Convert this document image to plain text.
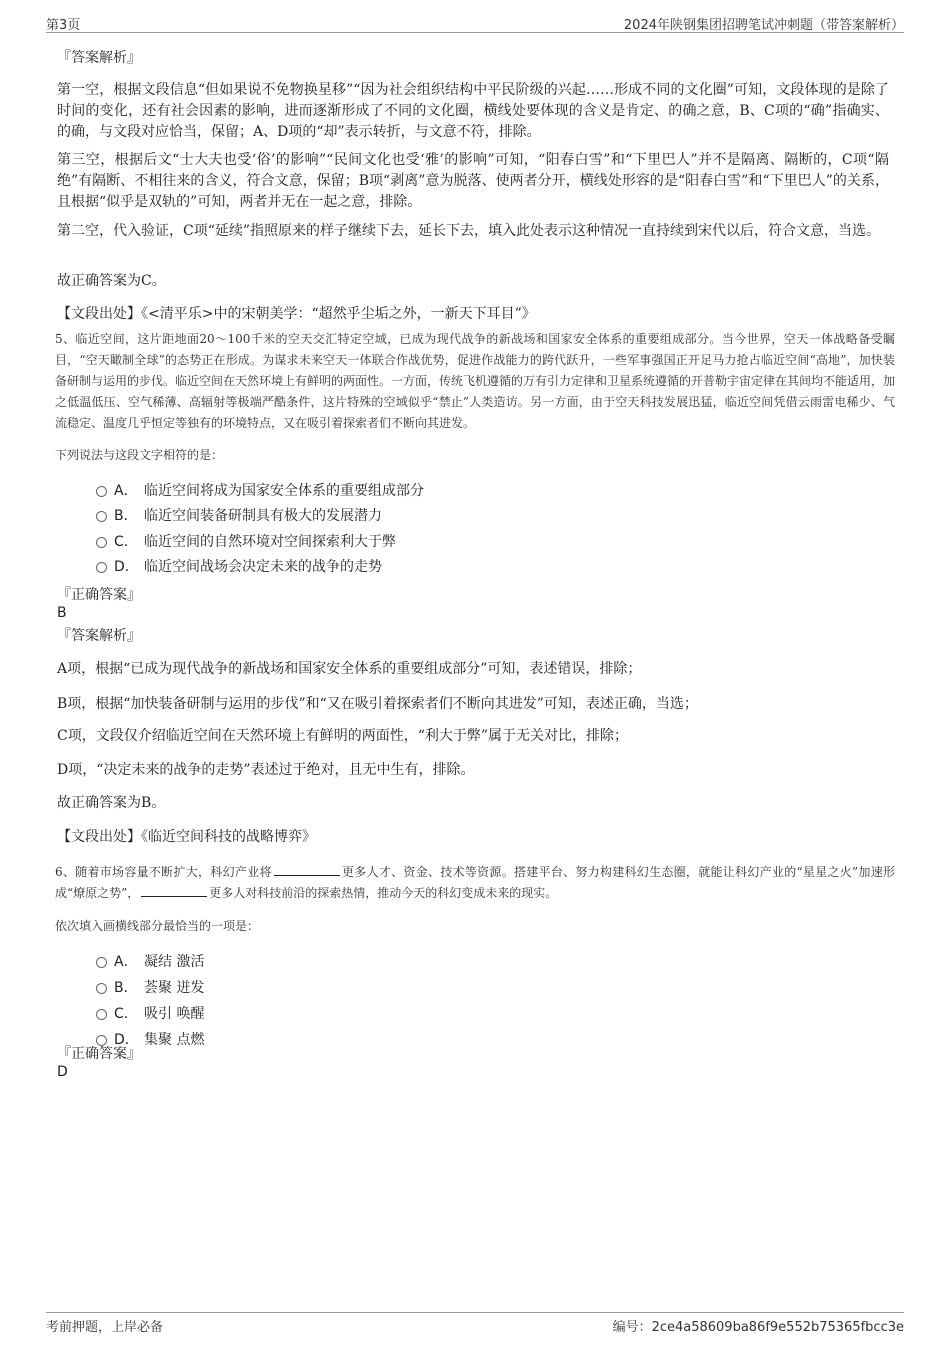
第3页	2024年陕钢集团招聘笔试冲刺题（带答案解析）
『答案解析』

第一空，根据文段信息“但如果说不免物换星移”“因为社会组织结构中平民阶级的兴起……形成不同的文化圈”可知，文段体现的是除了时间的变化，还有社会因素的影响，进而逐渐形成了不同的文化圈，横线处要体现的含义是肯定、的确之意，B、C项的“确”指确实、的确，与文段对应恰当，保留；A、D项的“却”表示转折，与文意不符，排除。

第三空，根据后文“士大夫也受‘俗’的影响”“民间文化也受‘雅’的影响”可知，“阳春白雪”和“下里巴人”并不是隔离、隔断的，C项“隔绝”有隔断、不相往来的含义，符合文意，保留；B项“剥离”意为脱落、使两者分开，横线处形容的是“阳春白雪”和“下里巴人”的关系，且根据“似乎是双轨的”可知，两者并无在一起之意，排除。

第二空，代入验证，C项“延续”指照原来的样子继续下去，延长下去，填入此处表示这种情况一直持续到宋代以后，符合文意，当选。

故正确答案为C。
【文段出处】《<清平乐>中的宋朝美学：“超然乎尘垢之外，一新天下耳目”》

5、临近空间，这片距地面20～100千米的空天交汇特定空域，已成为现代战争的新战场和国家安全体系的重要组成部分。当今世界，空天一体战略备受瞩目，“空天瞰制全球”的态势正在形成。为谋求未来空天一体联合作战优势，促进作战能力的跨代跃升，一些军事强国正开足马力抢占临近空间“高地”，加快装备研制与运用的步伐。临近空间在天然环境上有鲜明的两面性。一方面，传统飞机遵循的万有引力定律和卫星系统遵循的开普勒宇宙定律在其间均不能适用，加之低温低压、空气稀薄、高辐射等极端严酷条件，这片特殊的空域似乎“禁止”人类造访。另一方面，由于空天科技发展迅猛，临近空间凭借云雨雷电稀少、气流稳定、温度几乎恒定等独有的环境特点，又在吸引着探索者们不断向其进发。

下列说法与这段文字相符的是：
A． 临近空间将成为国家安全体系的重要组成部分
B． 临近空间装备研制具有极大的发展潜力
C． 临近空间的自然环境对空间探索利大于弊
D． 临近空间战场会决定未来的战争的走势
『正确答案』
B
『答案解析』
A项，根据“已成为现代战争的新战场和国家安全体系的重要组成部分”可知，表述错误，排除；
B项，根据“加快装备研制与运用的步伐”和“又在吸引着探索者们不断向其进发”可知，表述正确，当选；
C项，文段仅介绍临近空间在天然环境上有鲜明的两面性，“利大于弊”属于无关对比，排除；
D项，“决定未来的战争的走势”表述过于绝对，且无中生有，排除。
故正确答案为B。
【文段出处】《临近空间科技的战略博弈》

6、随着市场容量不断扩大，科幻产业将	更多人才、资金、技术等资源。搭建平台、努力构建科幻生态圈，就能让科幻产业的“星星之火”加速形成“燎原之势”，	更多人对科技前沿的探索热情，推动今天的科幻变成未来的现实。

依次填入画横线部分最恰当的一项是：
A． 凝结 激活
B． 荟聚 迸发
C． 吸引 唤醒
D． 集聚 点燃
『正确答案』
D
考前押题，上岸必备	编号：2ce4a58609ba86f9e552b75365fbcc3e
